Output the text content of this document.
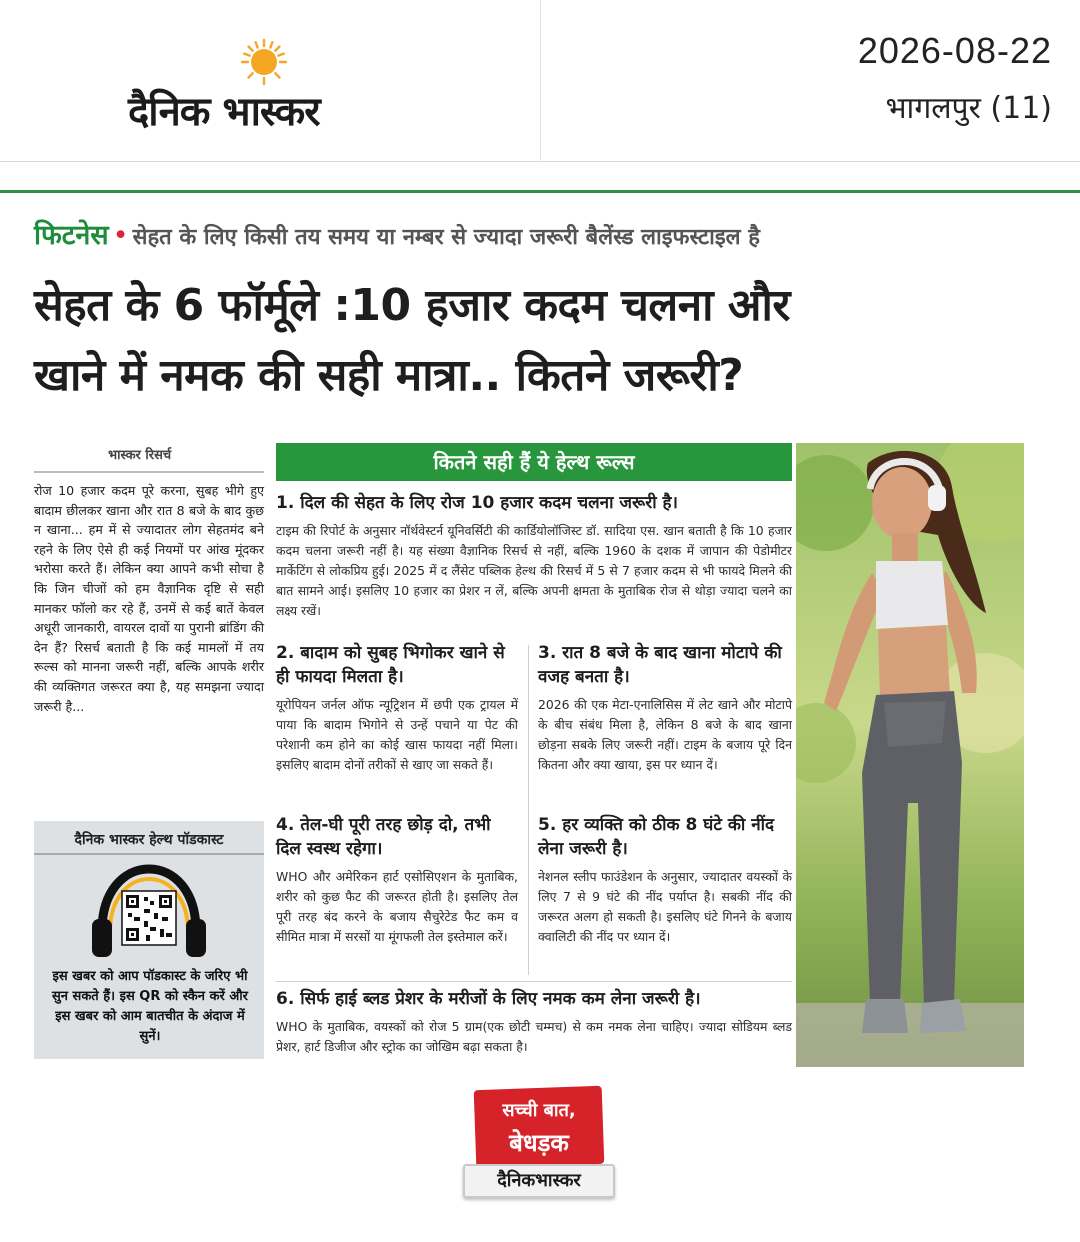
दैनिक भास्कर
2026-08-22
भागलपुर (11)
फिटनेस • सेहत के लिए किसी तय समय या नम्बर से ज्यादा जरूरी बैलेंस्ड लाइफस्टाइल है
सेहत के 6 फॉर्मूले :10 हजार कदम चलना और
खाने में नमक की सही मात्रा.. कितने जरूरी?
भास्कर रिसर्च
रोज 10 हजार कदम पूरे करना, सुबह भीगे हुए बादाम छीलकर खाना और रात 8 बजे के बाद कुछ न खाना... हम में से ज्यादातर लोग सेहतमंद बने रहने के लिए ऐसे ही कई नियमों पर आंख मूंदकर भरोसा करते हैं। लेकिन क्या आपने कभी सोचा है कि जिन चीजों को हम वैज्ञानिक दृष्टि से सही मानकर फॉलो कर रहे हैं, उनमें से कई बातें केवल अधूरी जानकारी, वायरल दावों या पुरानी ब्रांडिंग की देन हैं? रिसर्च बताती है कि कई मामलों में तय रूल्स को मानना जरूरी नहीं, बल्कि आपके शरीर की व्यक्तिगत जरूरत क्या है, यह समझना ज्यादा जरूरी है...
दैनिक भास्कर हेल्थ पॉडकास्ट
इस खबर को आप पॉडकास्ट के जरिए भी सुन सकते हैं। इस QR को स्कैन करें और इस खबर को आम बातचीत के अंदाज में सुनें।
कितने सही हैं ये हेल्थ रूल्स
1. दिल की सेहत के लिए रोज 10 हजार कदम चलना जरूरी है।
टाइम की रिपोर्ट के अनुसार नॉर्थवेस्टर्न यूनिवर्सिटी की कार्डियोलॉजिस्ट डॉ. सादिया एस. खान बताती है कि 10 हजार कदम चलना जरूरी नहीं है। यह संख्या वैज्ञानिक रिसर्च से नहीं, बल्कि 1960 के दशक में जापान की पेडोमीटर मार्केटिंग से लोकप्रिय हुई। 2025 में द लैंसेट पब्लिक हेल्थ की रिसर्च में 5 से 7 हजार कदम से भी फायदे मिलने की बात सामने आई। इसलिए 10 हजार का प्रेशर न लें, बल्कि अपनी क्षमता के मुताबिक रोज से थोड़ा ज्यादा चलने का लक्ष्य रखें।
2. बादाम को सुबह भिगोकर खाने से ही फायदा मिलता है।
यूरोपियन जर्नल ऑफ न्यूट्रिशन में छपी एक ट्रायल में पाया कि बादाम भिगोने से उन्हें पचाने या पेट की परेशानी कम होने का कोई खास फायदा नहीं मिला। इसलिए बादाम दोनों तरीकों से खाए जा सकते हैं।
3. रात 8 बजे के बाद खाना मोटापे की वजह बनता है।
2026 की एक मेटा-एनालिसिस में लेट खाने और मोटापे के बीच संबंध मिला है, लेकिन 8 बजे के बाद खाना छोड़ना सबके लिए जरूरी नहीं। टाइम के बजाय पूरे दिन कितना और क्या खाया, इस पर ध्यान दें।
4. तेल-घी पूरी तरह छोड़ दो, तभी दिल स्वस्थ रहेगा।
WHO और अमेरिकन हार्ट एसोसिएशन के मुताबिक, शरीर को कुछ फैट की जरूरत होती है। इसलिए तेल पूरी तरह बंद करने के बजाय सैचुरेटेड फैट कम व सीमित मात्रा में सरसों या मूंगफली तेल इस्तेमाल करें।
5. हर व्यक्ति को ठीक 8 घंटे की नींद लेना जरूरी है।
नेशनल स्लीप फाउंडेशन के अनुसार, ज्यादातर वयस्कों के लिए 7 से 9 घंटे की नींद पर्याप्त है। सबकी नींद की जरूरत अलग हो सकती है। इसलिए घंटे गिनने के बजाय क्वालिटी की नींद पर ध्यान दें।
6. सिर्फ हाई ब्लड प्रेशर के मरीजों के लिए नमक कम लेना जरूरी है।
WHO के मुताबिक, वयस्कों को रोज 5 ग्राम(एक छोटी चम्मच) से कम नमक लेना चाहिए। ज्यादा सोडियम ब्लड प्रेशर, हार्ट डिजीज और स्ट्रोक का जोखिम बढ़ा सकता है।
सच्ची बात,
बेधड़क
दैनिकभास्कर
